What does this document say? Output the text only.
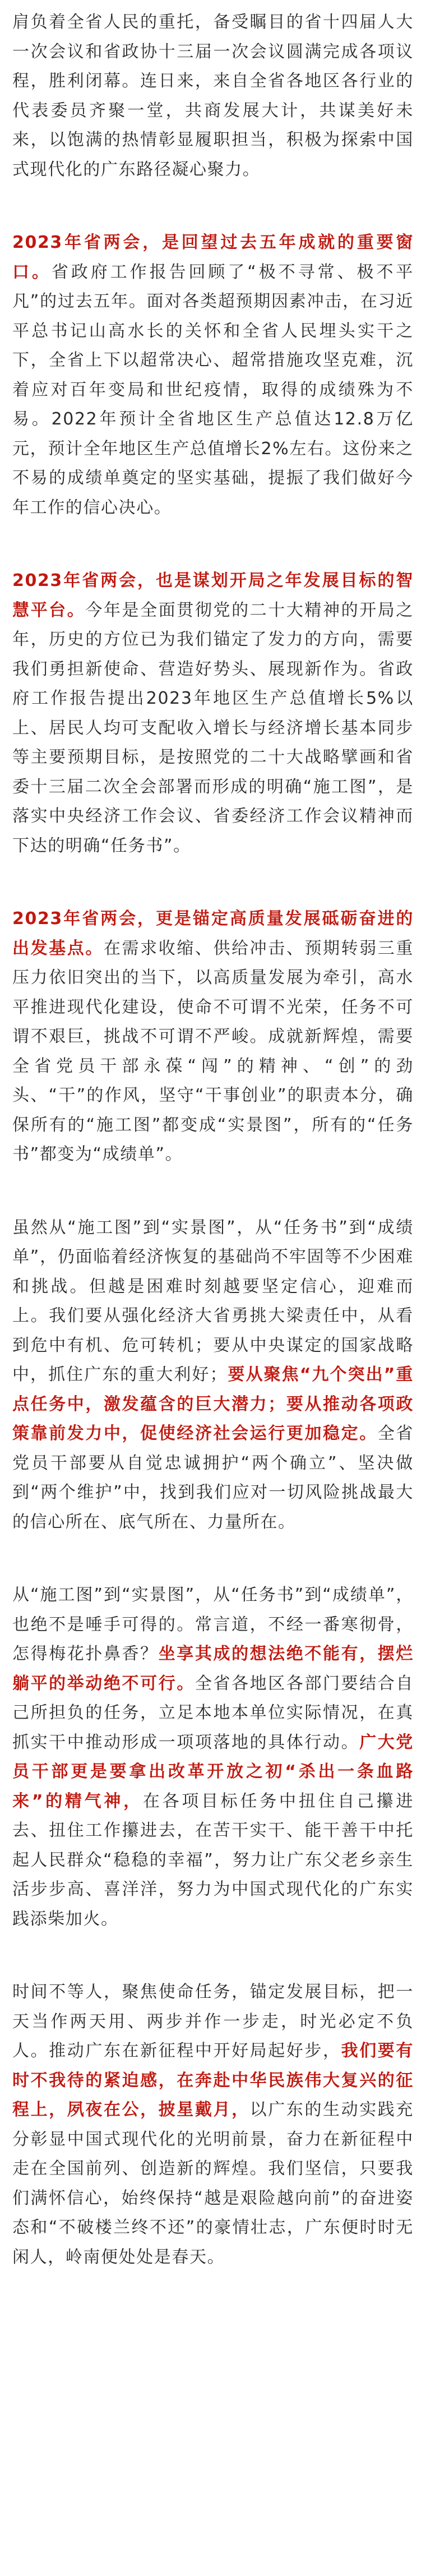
肩负着全省人民的重托，备受瞩目的省十四届人大一次会议和省政协十三届一次会议圆满完成各项议程，胜利闭幕。连日来，来自全省各地区各行业的代表委员齐聚一堂，共商发展大计，共谋美好未来，以饱满的热情彰显履职担当，积极为探索中国式现代化的广东路径凝心聚力。

2023年省两会，是回望过去五年成就的重要窗口。省政府工作报告回顾了“极不寻常、极不平凡”的过去五年。面对各类超预期因素冲击，在习近平总书记山高水长的关怀和全省人民埋头实干之下，全省上下以超常决心、超常措施攻坚克难，沉着应对百年变局和世纪疫情，取得的成绩殊为不易。2022年预计全省地区生产总值达12.8万亿元，预计全年地区生产总值增长2%左右。这份来之不易的成绩单奠定的坚实基础，提振了我们做好今年工作的信心决心。

2023年省两会，也是谋划开局之年发展目标的智慧平台。今年是全面贯彻党的二十大精神的开局之年，历史的方位已为我们锚定了发力的方向，需要我们勇担新使命、营造好势头、展现新作为。省政府工作报告提出2023年地区生产总值增长5%以上、居民人均可支配收入增长与经济增长基本同步等主要预期目标，是按照党的二十大战略擘画和省委十三届二次全会部署而形成的明确“施工图”，是落实中央经济工作会议、省委经济工作会议精神而下达的明确“任务书”。

2023年省两会，更是锚定高质量发展砥砺奋进的出发基点。在需求收缩、供给冲击、预期转弱三重压力依旧突出的当下，以高质量发展为牵引，高水平推进现代化建设，使命不可谓不光荣，任务不可谓不艰巨，挑战不可谓不严峻。成就新辉煌，需要全省党员干部永葆“闯”的精神、“创”的劲头、“干”的作风，坚守“干事创业”的职责本分，确保所有的“施工图”都变成“实景图”，所有的“任务书”都变为“成绩单”。

虽然从“施工图”到“实景图”，从“任务书”到“成绩单”，仍面临着经济恢复的基础尚不牢固等不少困难和挑战。但越是困难时刻越要坚定信心，迎难而上。我们要从强化经济大省勇挑大梁责任中，从看到危中有机、危可转机；要从中央谋定的国家战略中，抓住广东的重大利好；要从聚焦“九个突出”重点任务中，激发蕴含的巨大潜力；要从推动各项政策靠前发力中，促使经济社会运行更加稳定。全省党员干部要从自觉忠诚拥护“两个确立”、坚决做到“两个维护”中，找到我们应对一切风险挑战最大的信心所在、底气所在、力量所在。

从“施工图”到“实景图”，从“任务书”到“成绩单”，也绝不是唾手可得的。常言道，不经一番寒彻骨，怎得梅花扑鼻香？坐享其成的想法绝不能有，摆烂躺平的举动绝不可行。全省各地区各部门要结合自己所担负的任务，立足本地本单位实际情况，在真抓实干中推动形成一项项落地的具体行动。广大党员干部更是要拿出改革开放之初“杀出一条血路来”的精气神，在各项目标任务中扭住自己攥进去、扭住工作攥进去，在苦干实干、能干善干中托起人民群众“稳稳的幸福”，努力让广东父老乡亲生活步步高、喜洋洋，努力为中国式现代化的广东实践添柴加火。

时间不等人，聚焦使命任务，锚定发展目标，把一天当作两天用、两步并作一步走，时光必定不负人。推动广东在新征程中开好局起好步，我们要有时不我待的紧迫感，在奔赴中华民族伟大复兴的征程上，夙夜在公，披星戴月，以广东的生动实践充分彰显中国式现代化的光明前景，奋力在新征程中走在全国前列、创造新的辉煌。我们坚信，只要我们满怀信心，始终保持“越是艰险越向前”的奋进姿态和“不破楼兰终不还”的豪情壮志，广东便时时无闲人，岭南便处处是春天。
